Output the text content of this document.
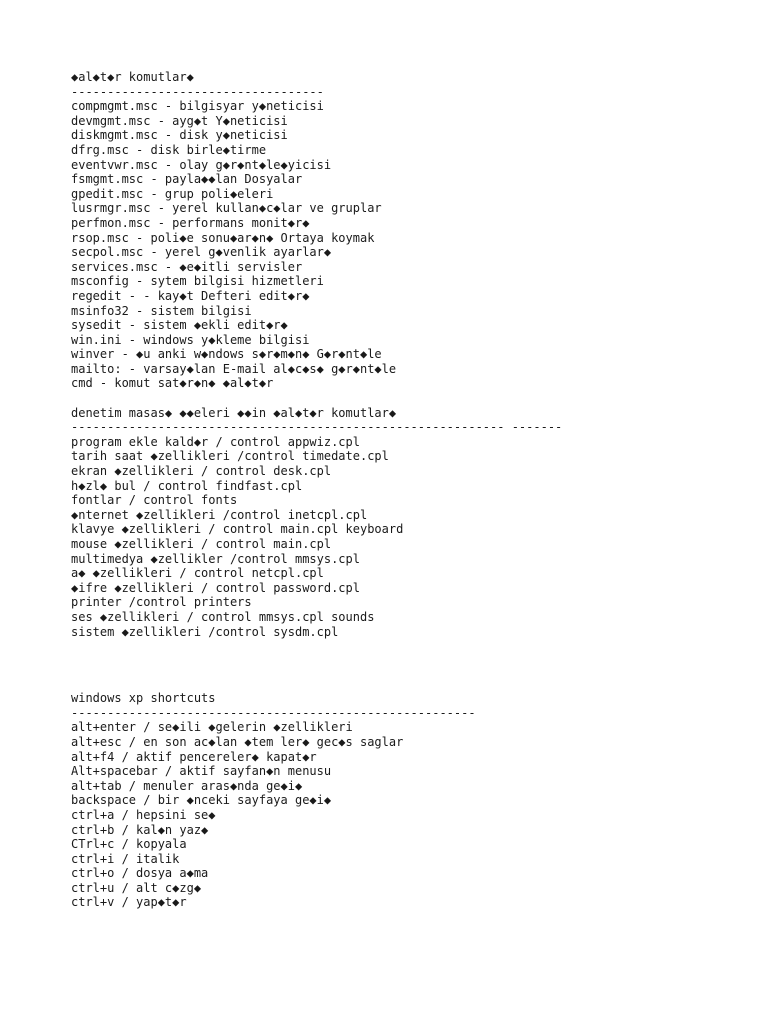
◆al◆t◆r komutlar◆
-----------------------------------
compmgmt.msc - bilgisyar y◆neticisi
devmgmt.msc - ayg◆t Y◆neticisi
diskmgmt.msc - disk y◆neticisi
dfrg.msc - disk birle◆tirme
eventvwr.msc - olay g◆r◆nt◆le◆yicisi
fsmgmt.msc - payla◆◆lan Dosyalar
gpedit.msc - grup poli◆eleri
lusrmgr.msc - yerel kullan◆c◆lar ve gruplar
perfmon.msc - performans monit◆r◆
rsop.msc - poli◆e sonu◆ar◆n◆ Ortaya koymak
secpol.msc - yerel g◆venlik ayarlar◆
services.msc - ◆e◆itli servisler
msconfig - sytem bilgisi hizmetleri
regedit - - kay◆t Defteri edit◆r◆
msinfo32 - sistem bilgisi
sysedit - sistem ◆ekli edit◆r◆
win.ini - windows y◆kleme bilgisi
winver - ◆u anki w◆ndows s◆r◆m◆n◆ G◆r◆nt◆le
mailto: - varsay◆lan E-mail al◆c◆s◆ g◆r◆nt◆le
cmd - komut sat◆r◆n◆ ◆al◆t◆r
denetim masas◆ ◆◆eleri ◆◆in ◆al◆t◆r komutlar◆
------------------------------------------------------------ -------
program ekle kald◆r / control appwiz.cpl
tarih saat ◆zellikleri /control timedate.cpl
ekran ◆zellikleri / control desk.cpl
h◆zl◆ bul / control findfast.cpl
fontlar / control fonts
◆nternet ◆zellikleri /control inetcpl.cpl
klavye ◆zellikleri / control main.cpl keyboard
mouse ◆zellikleri / control main.cpl
multimedya ◆zellikler /control mmsys.cpl
a◆ ◆zellikleri / control netcpl.cpl
◆ifre ◆zellikleri / control password.cpl
printer /control printers
ses ◆zellikleri / control mmsys.cpl sounds
sistem ◆zellikleri /control sysdm.cpl
windows xp shortcuts
--------------------------------------------------------
alt+enter / se◆ili ◆gelerin ◆zellikleri
alt+esc / en son ac◆lan ◆tem ler◆ gec◆s saglar
alt+f4 / aktif pencereler◆ kapat◆r
Alt+spacebar / aktif sayfan◆n menusu
alt+tab / menuler aras◆nda ge◆i◆
backspace / bir ◆nceki sayfaya ge◆i◆
ctrl+a / hepsini se◆
ctrl+b / kal◆n yaz◆
CTrl+c / kopyala
ctrl+i / italik
ctrl+o / dosya a◆ma
ctrl+u / alt c◆zg◆
ctrl+v / yap◆t◆r
